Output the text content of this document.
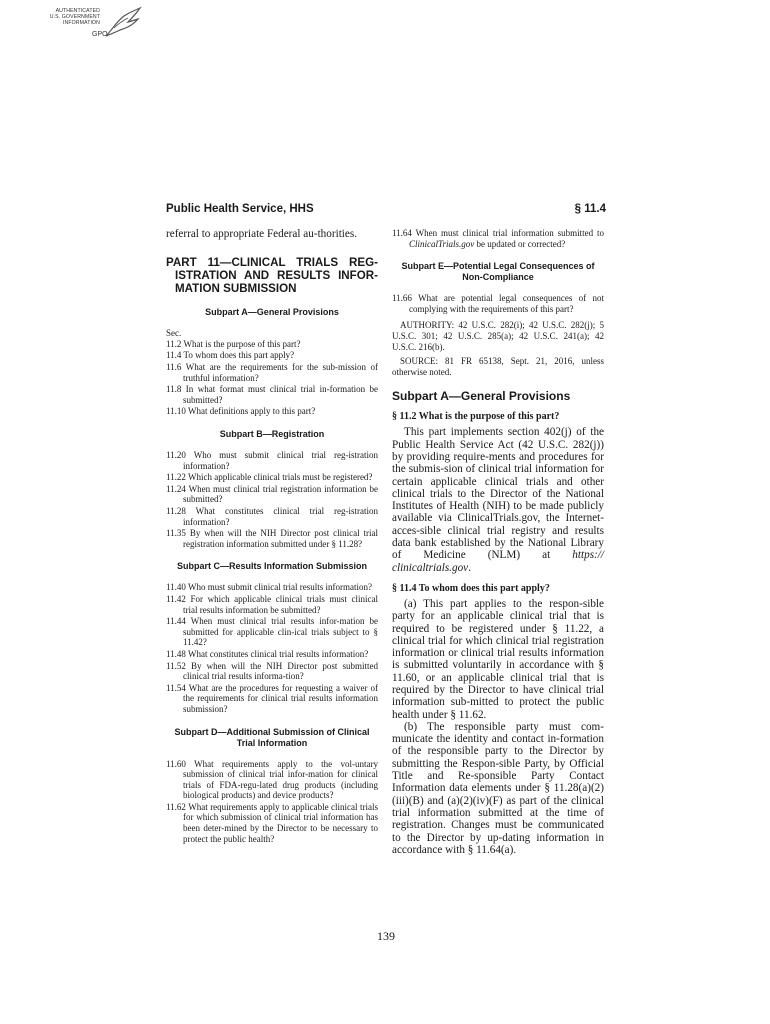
AUTHENTICATED
U.S. GOVERNMENT
INFORMATION
GPO
Public Health Service, HHS	§ 11.4

referral to appropriate Federal au-thorities.

PART 11—CLINICAL TRIALS REG-ISTRATION AND RESULTS INFOR-MATION SUBMISSION
Subpart A—General Provisions

Sec.

11.2 What is the purpose of this part?

11.4 To whom does this part apply?

11.6 What are the requirements for the sub-mission of truthful information?

11.8 In what format must clinical trial in-formation be submitted?

11.10 What definitions apply to this part?

Subpart B—Registration

11.20 Who must submit clinical trial reg-istration information?

11.22 Which applicable clinical trials must be registered?

11.24 When must clinical trial registration information be submitted?

11.28 What constitutes clinical trial reg-istration information?

11.35 By when will the NIH Director post clinical trial registration information submitted under § 11.28?

Subpart C—Results Information Submission

11.40 Who must submit clinical trial results information?

11.42 For which applicable clinical trials must clinical trial results information be submitted?

11.44 When must clinical trial results infor-mation be submitted for applicable clin-ical trials subject to § 11.42?

11.48 What constitutes clinical trial results information?

11.52 By when will the NIH Director post submitted clinical trial results informa-tion?

11.54 What are the procedures for requesting a waiver of the requirements for clinical trial results information submission?

Subpart D—Additional Submission of Clinical Trial Information

11.60 What requirements apply to the vol-untary submission of clinical trial infor-mation for clinical trials of FDA-regu-lated drug products (including biological products) and device products?

11.62 What requirements apply to applicable clinical trials for which submission of clinical trial information has been deter-mined by the Director to be necessary to protect the public health?

11.64 When must clinical trial information submitted to ClinicalTrials.gov be updated or corrected?

Subpart E—Potential Legal Consequences of Non-Compliance

11.66 What are potential legal consequences of not complying with the requirements of this part?

AUTHORITY: 42 U.S.C. 282(i); 42 U.S.C. 282(j); 5 U.S.C. 301; 42 U.S.C. 285(a); 42 U.S.C. 241(a); 42 U.S.C. 216(b).

SOURCE: 81 FR 65138, Sept. 21, 2016, unless otherwise noted.

Subpart A—General Provisions

§ 11.2 What is the purpose of this part?

This part implements section 402(j) of the Public Health Service Act (42 U.S.C. 282(j)) by providing require-ments and procedures for the submis-sion of clinical trial information for certain applicable clinical trials and other clinical trials to the Director of the National Institutes of Health (NIH) to be made publicly available via ClinicalTrials.gov, the Internet-acces-sible clinical trial registry and results data bank established by the National Library of Medicine (NLM) at https:// clinicaltrials.gov.

§ 11.4 To whom does this part apply?

(a) This part applies to the respon-sible party for an applicable clinical trial that is required to be registered under § 11.22, a clinical trial for which clinical trial registration information or clinical trial results information is submitted voluntarily in accordance with § 11.60, or an applicable clinical trial that is required by the Director to have clinical trial information sub-mitted to protect the public health under § 11.62.

(b) The responsible party must com-municate the identity and contact in-formation of the responsible party to the Director by submitting the Respon-sible Party, by Official Title and Re-sponsible Party Contact Information data elements under § 11.28(a)(2)(iii)(B) and (a)(2)(iv)(F) as part of the clinical trial information submitted at the time of registration. Changes must be communicated to the Director by up-dating information in accordance with § 11.64(a).

139
